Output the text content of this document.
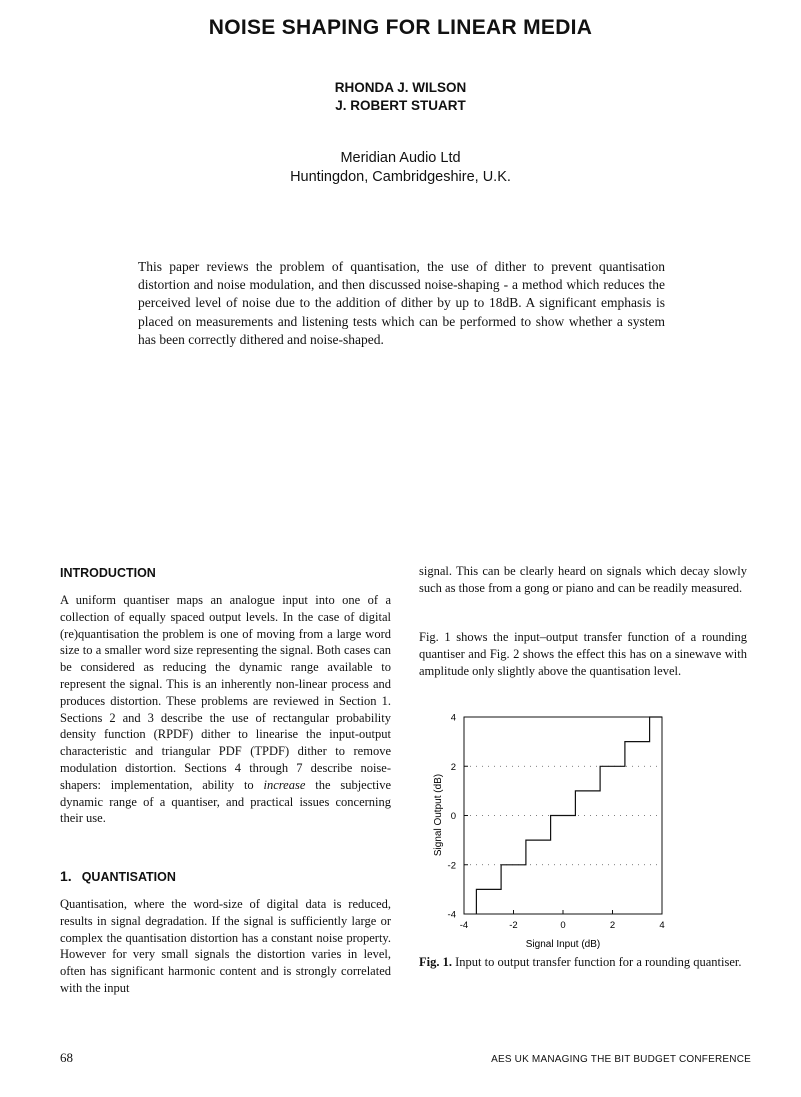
NOISE SHAPING FOR LINEAR MEDIA
RHONDA J. WILSON
J. ROBERT STUART
Meridian Audio Ltd
Huntingdon, Cambridgeshire, U.K.

This paper reviews the problem of quantisation, the use of dither to prevent quantisation distortion and noise modulation, and then discussed noise-shaping - a method which reduces the perceived level of noise due to the addition of dither by up to 18dB. A significant emphasis is placed on measurements and listening tests which can be performed to show whether a system has been correctly dithered and noise-shaped.

INTRODUCTION

A uniform quantiser maps an analogue input into one of a collection of equally spaced output levels. In the case of digital (re)quantisation the problem is one of moving from a large word size to a smaller word size representing the signal. Both cases can be considered as reducing the dynamic range available to represent the signal. This is an inherently non-linear process and produces distortion. These problems are reviewed in Section 1. Sections 2 and 3 describe the use of rectangular probability density function (RPDF) dither to linearise the input-output characteristic and triangular PDF (TPDF) dither to remove modulation distortion. Sections 4 through 7 describe noise-shapers: implementation, ability to increase the subjective dynamic range of a quantiser, and practical issues concerning their use.

1. QUANTISATION

Quantisation, where the word-size of digital data is reduced, results in signal degradation. If the signal is sufficiently large or complex the quantisation distortion has a constant noise property. However for very small signals the distortion varies in level, often has significant harmonic content and is strongly correlated with the input

signal. This can be clearly heard on signals which decay slowly such as those from a gong or piano and can be readily measured.

Fig. 1 shows the input–output transfer function of a rounding quantiser and Fig. 2 shows the effect this has on a sinewave with amplitude only slightly above the quantisation level.

-4	-2	0	2	4
-4
-2
0
2
4
Signal Input (dB)
Signal Output (dB)

Fig. 1. Input to output transfer function for a rounding quantiser.

68	AES UK MANAGING THE BIT BUDGET CONFERENCE
